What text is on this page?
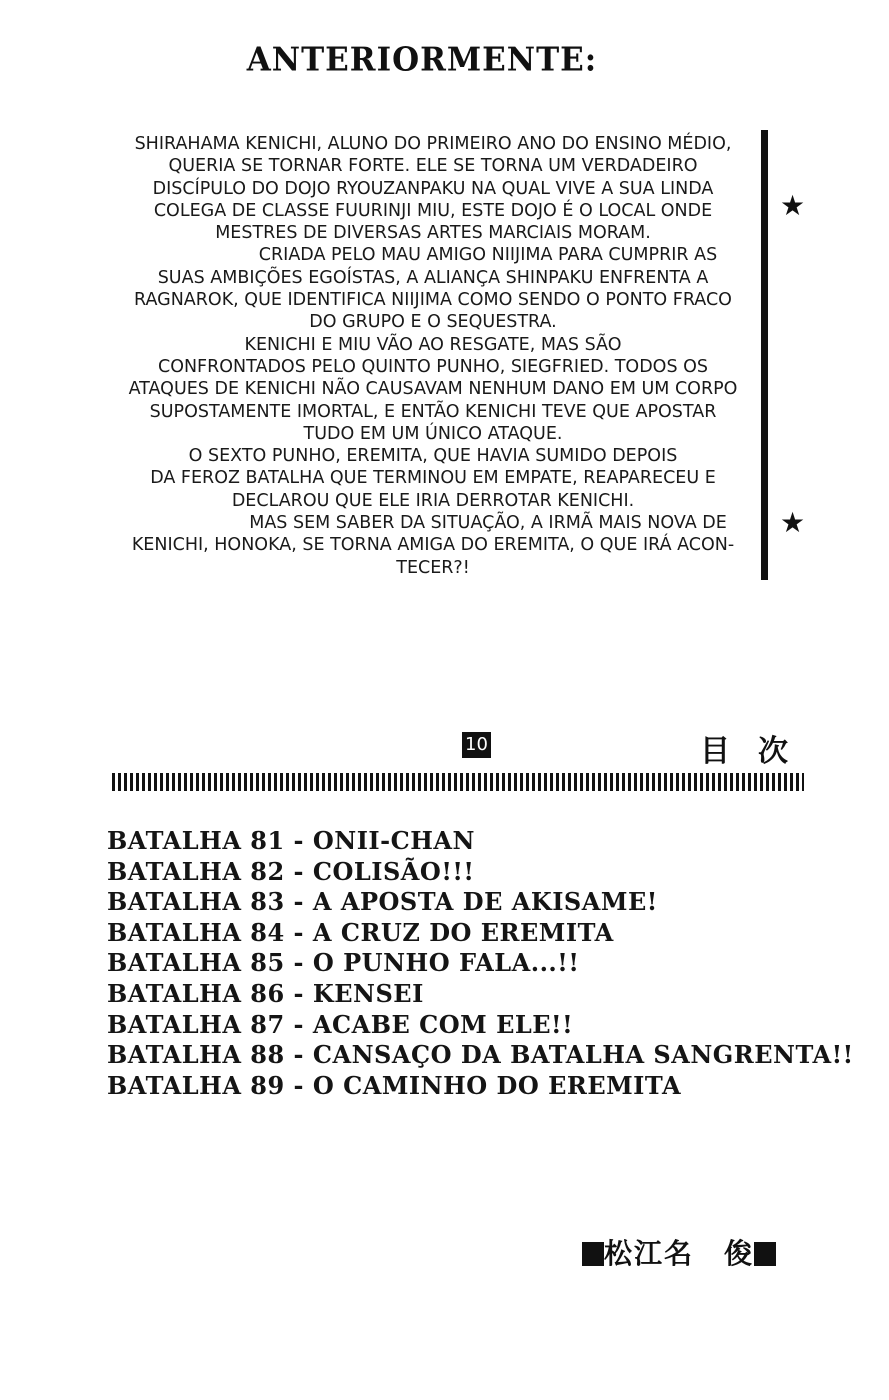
ANTERIORMENTE:

SHIRAHAMA KENICHI, ALUNO DO PRIMEIRO ANO DO ENSINO MÉDIO,
QUERIA SE TORNAR FORTE. ELE SE TORNA UM VERDADEIRO
DISCÍPULO DO DOJO RYOUZANPAKU NA QUAL VIVE A SUA LINDA
COLEGA DE CLASSE FUURINJI MIU, ESTE DOJO É O LOCAL ONDE
MESTRES DE DIVERSAS ARTES MARCIAIS MORAM.
CRIADA PELO MAU AMIGO NIIJIMA PARA CUMPRIR AS
SUAS AMBIÇÕES EGOÍSTAS, A ALIANÇA SHINPAKU ENFRENTA A
RAGNAROK, QUE IDENTIFICA NIIJIMA COMO SENDO O PONTO FRACO
DO GRUPO E O SEQUESTRA.
KENICHI E MIU VÃO AO RESGATE, MAS SÃO
CONFRONTADOS PELO QUINTO PUNHO, SIEGFRIED. TODOS OS
ATAQUES DE KENICHI NÃO CAUSAVAM NENHUM DANO EM UM CORPO
SUPOSTAMENTE IMORTAL, E ENTÃO KENICHI TEVE QUE APOSTAR
TUDO EM UM ÚNICO ATAQUE.
O SEXTO PUNHO, EREMITA, QUE HAVIA SUMIDO DEPOIS
DA FEROZ BATALHA QUE TERMINOU EM EMPATE, REAPARECEU E
DECLAROU QUE ELE IRIA DERROTAR KENICHI.
MAS SEM SABER DA SITUAÇÃO, A IRMÃ MAIS NOVA DE
KENICHI, HONOKA, SE TORNA AMIGA DO EREMITA, O QUE IRÁ ACON-
TECER?!

★
★
10	目次
BATALHA 81 - ONII-CHAN
BATALHA 82 - COLISÃO!!!
BATALHA 83 - A APOSTA DE AKISAME!
BATALHA 84 - A CRUZ DO EREMITA
BATALHA 85 - O PUNHO FALA...!!
BATALHA 86 - KENSEI
BATALHA 87 - ACABE COM ELE!!
BATALHA 88 - CANSAÇO DA BATALHA SANGRENTA!!
BATALHA 89 - O CAMINHO DO EREMITA
松江名　俊
